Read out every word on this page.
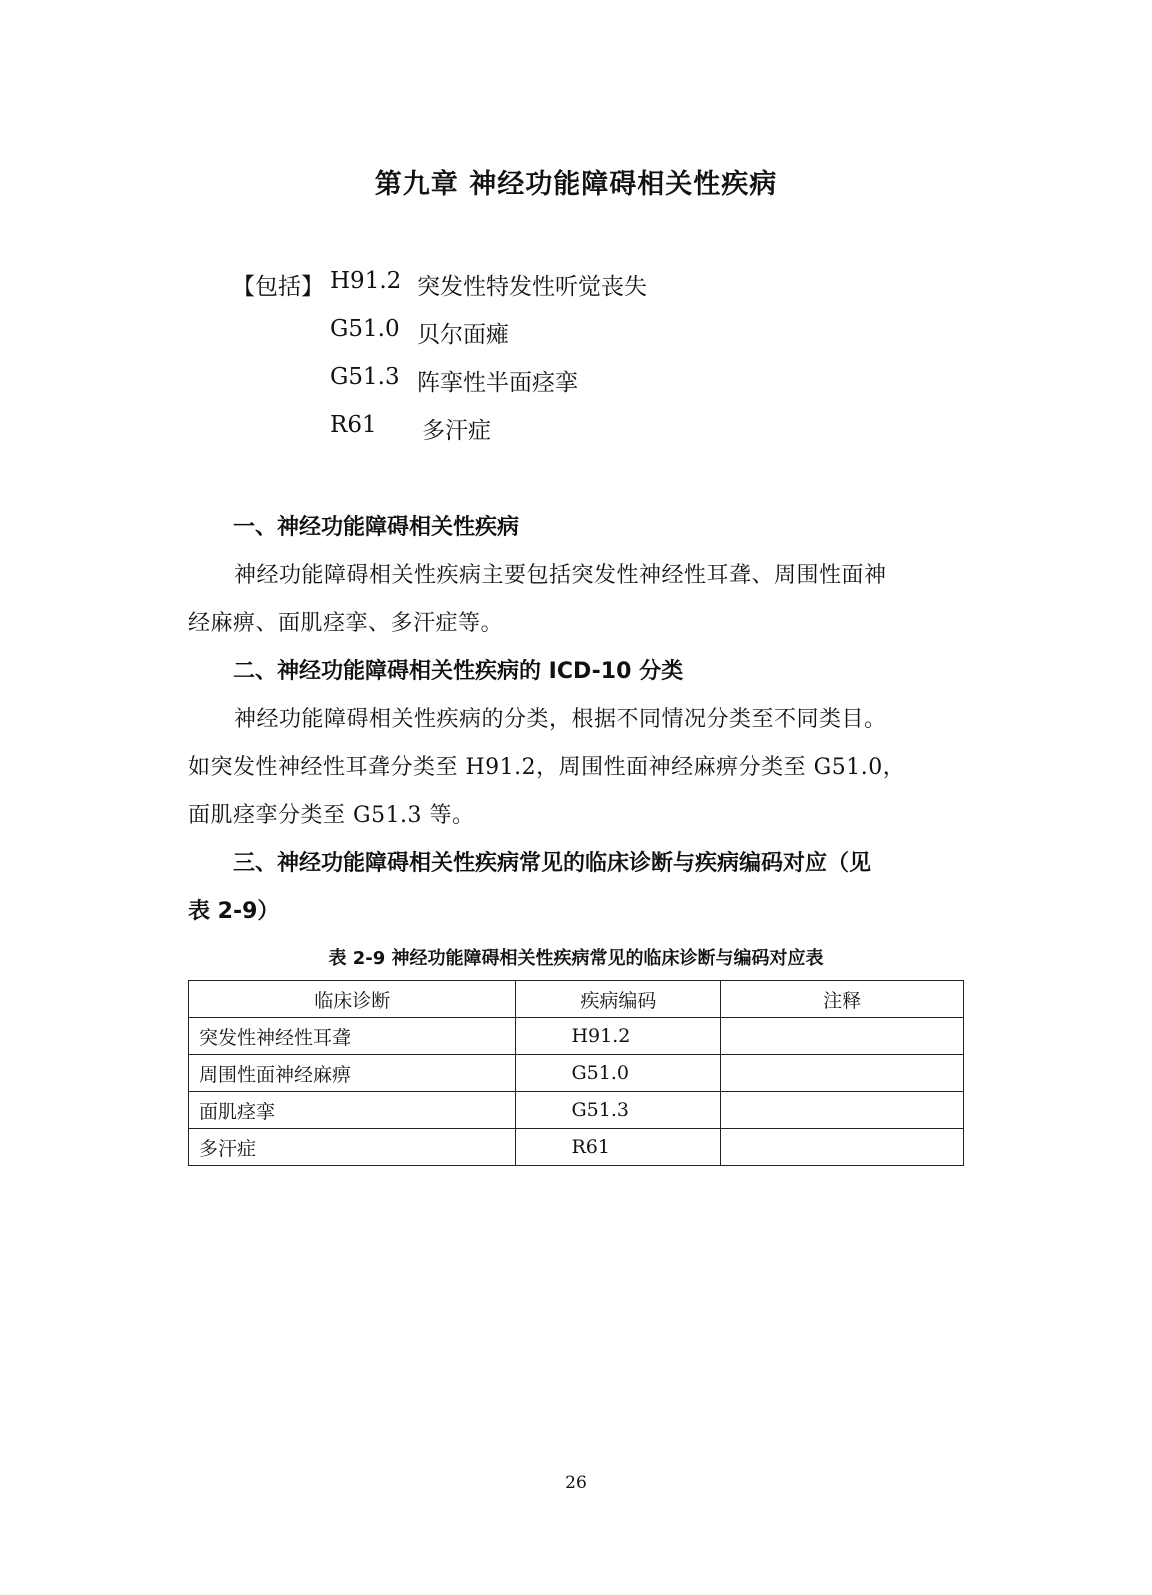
第九章 神经功能障碍相关性疾病
【包括】 H91.2 突发性特发性听觉丧失
G51.0 贝尔面瘫
G51.3 阵挛性半面痉挛
R61 多汗症
一、神经功能障碍相关性疾病
神经功能障碍相关性疾病主要包括突发性神经性耳聋、周围性面神
经麻痹、面肌痉挛、多汗症等。
二、神经功能障碍相关性疾病的 ICD-10 分类
神经功能障碍相关性疾病的分类，根据不同情况分类至不同类目。
如突发性神经性耳聋分类至 H91.2，周围性面神经麻痹分类至 G51.0，
面肌痉挛分类至 G51.3 等。
三、神经功能障碍相关性疾病常见的临床诊断与疾病编码对应（见
表 2-9）
表 2-9 神经功能障碍相关性疾病常见的临床诊断与编码对应表
临床诊断	疾病编码	注释
突发性神经性耳聋	H91.2	
周围性面神经麻痹	G51.0	
面肌痉挛	G51.3	
多汗症	R61	
26
